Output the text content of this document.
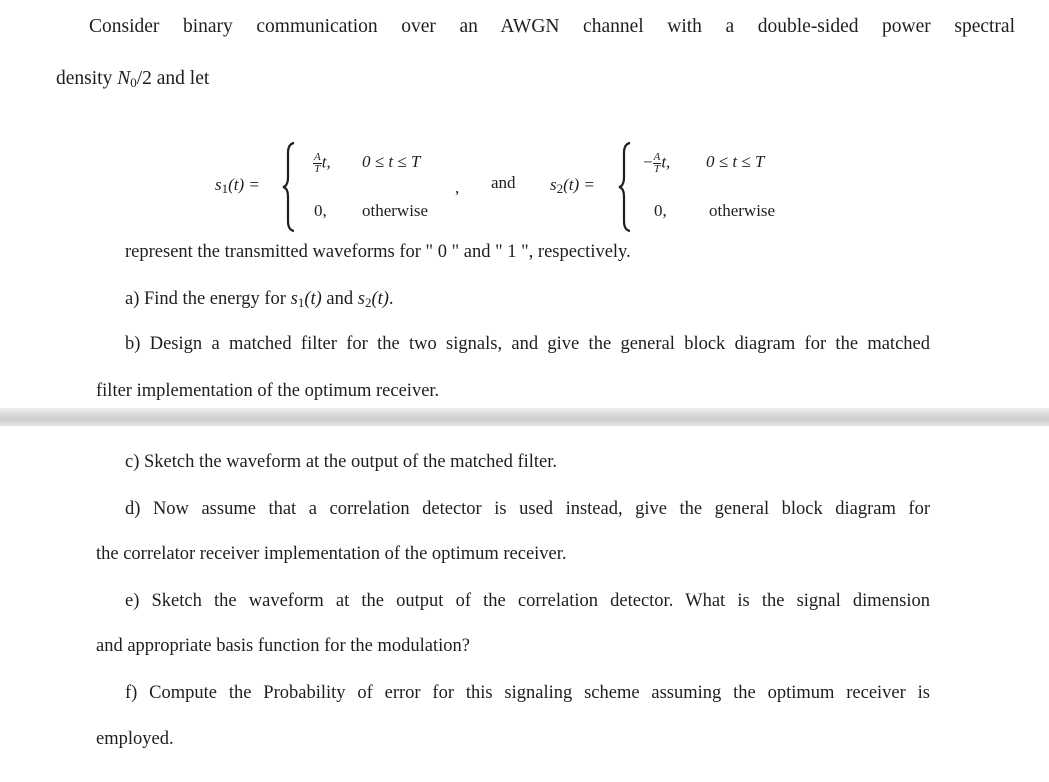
Consider binary communication over an AWGN channel with a double-sided power spectral
density $N_0/2$ and let
$s_1(t)$ =
$\frac{A}{T} t$, 0 ≤ t ≤ T
0, otherwise
, and $s_2(t)$ =
− $\frac{A}{T} t$, 0 ≤ t ≤ T
0, otherwise
represent the transmitted waveforms for " 0 " and " 1 ", respectively.
a) Find the energy for $s_1(t)$ and $s_2(t)$.
b) Design a matched filter for the two signals, and give the general block diagram for the matched
filter implementation of the optimum receiver.
c) Sketch the waveform at the output of the matched filter.
d) Now assume that a correlation detector is used instead, give the general block diagram for
the correlator receiver implementation of the optimum receiver.
e) Sketch the waveform at the output of the correlation detector. What is the signal dimension
and appropriate basis function for the modulation?
f) Compute the Probability of error for this signaling scheme assuming the optimum receiver is
employed.
